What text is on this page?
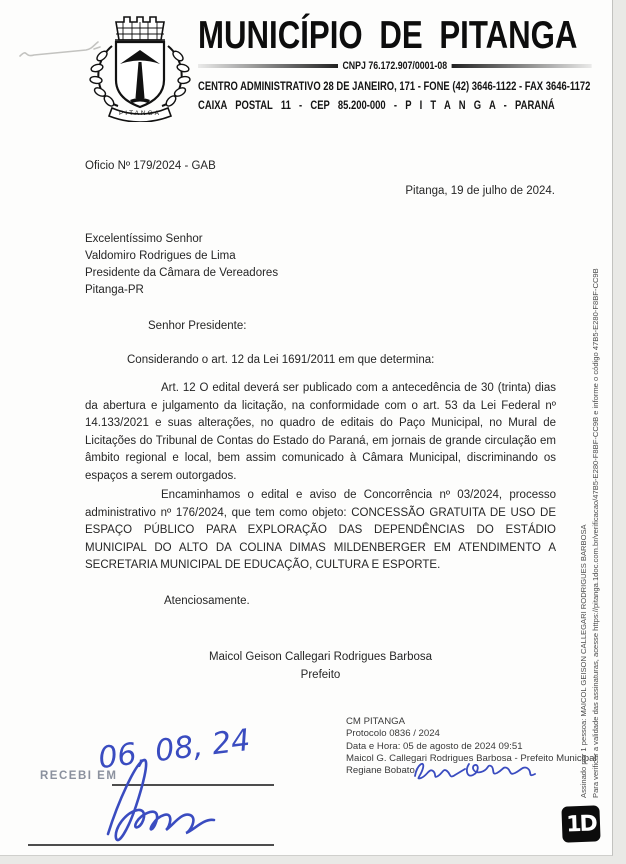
PITANGA
MUNICÍPIO DE PITANGA
CNPJ 76.172.907/0001-08
CENTRO ADMINISTRATIVO 28 DE JANEIRO, 171 - FONE (42) 3646-1122 - FAX 3646-1172
CAIXA POSTAL 11 - CEP 85.200-000 - P I T A N G A - PARANÁ
Oficio Nº 179/2024 - GAB
Pitanga, 19 de julho de 2024.
Excelentíssimo Senhor
Valdomiro Rodrigues de Lima
Presidente da Câmara de Vereadores
Pitanga-PR
Senhor Presidente:
Considerando o art. 12 da Lei 1691/2011 em que determina:
Art. 12 O edital deverá ser publicado com a antecedência de 30 (trinta) dias da abertura e julgamento da licitação, na conformidade com o art. 53 da Lei Federal nº 14.133/2021 e suas alterações, no quadro de editais do Paço Municipal, no Mural de Licitações do Tribunal de Contas do Estado do Paraná, em jornais de grande circulação em âmbito regional e local, bem assim comunicado à Câmara Municipal, discriminando os espaços a serem outorgados.
Encaminhamos o edital e aviso de Concorrência nº 03/2024, processo administrativo nº 176/2024, que tem como objeto: CONCESSÃO GRATUITA DE USO DE ESPAÇO PÚBLICO PARA EXPLORAÇÃO DAS DEPENDÊNCIAS DO ESTÁDIO MUNICIPAL DO ALTO DA COLINA DIMAS MILDENBERGER EM ATENDIMENTO A SECRETARIA MUNICIPAL DE EDUCAÇÃO, CULTURA E ESPORTE.
Atenciosamente.
Maicol Geison Callegari Rodrigues Barbosa
Prefeito
CM PITANGA
Protocolo 0836 / 2024
Data e Hora: 05 de agosto de 2024 09:51
Maicol G. Callegari Rodrigues Barbosa - Prefeito Municipal
Regiane Bobato
RECEBI EM
06, 08, 24	Assinado por 1 pessoa: MAICOL GEISON CALLEGARI RODRIGUES BARBOSA Para verificar a validade das assinaturas, acesse https://pitanga.1doc.com.br/verificacao/47B5-E280-F8BF-CC9B e informe o código 47B5-E280-F8BF-CC9B
1D
